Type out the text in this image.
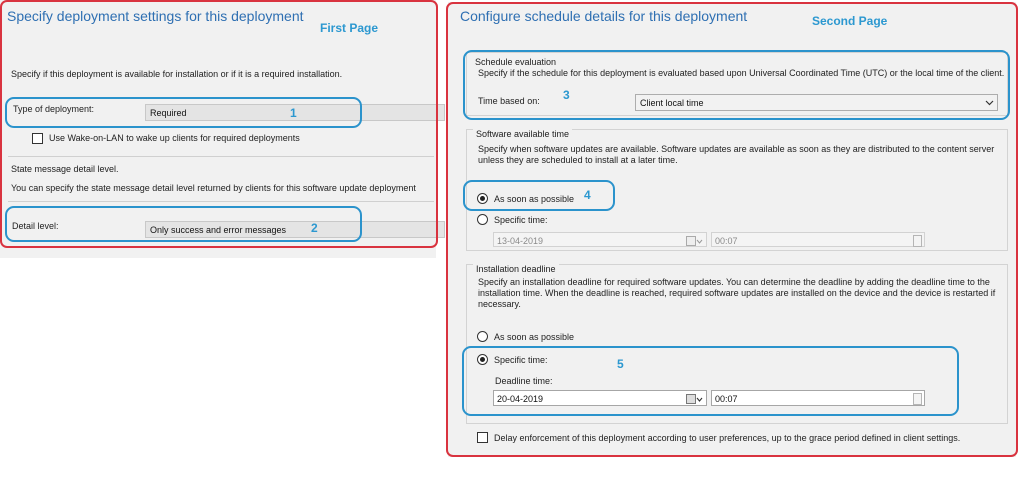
Specify deployment settings for this deployment
First Page
Specify if this deployment is available for installation or if it is a required installation.
Type of deployment:	Required
Use Wake-on-LAN to wake up clients for required deployments
State message detail level.
You can specify the state message detail level returned by clients for this software update deployment
Detail level:	Only success and error messages
1
2
Configure schedule details for this deployment	Second Page
Schedule evaluation
Specify if the schedule for this deployment is evaluated based upon Universal Coordinated Time (UTC) or the local time of the client.
Time based on:	Client local time
Software available time
Specify when software updates are available. Software updates are available as soon as they are distributed to the content server unless they are scheduled to install at a later time.
As soon as possible
Specific time:
13-04-2019	00:07
Installation deadline
Specify an installation deadline for required software updates. You can determine the deadline by adding the deadline time to the installation time. When the deadline is reached, required software updates are installed on the device and the device is restarted if necessary.
As soon as possible
Specific time:
Deadline time:
20-04-2019	00:07
Delay enforcement of this deployment according to user preferences, up to the grace period defined in client settings.
3
4
5
